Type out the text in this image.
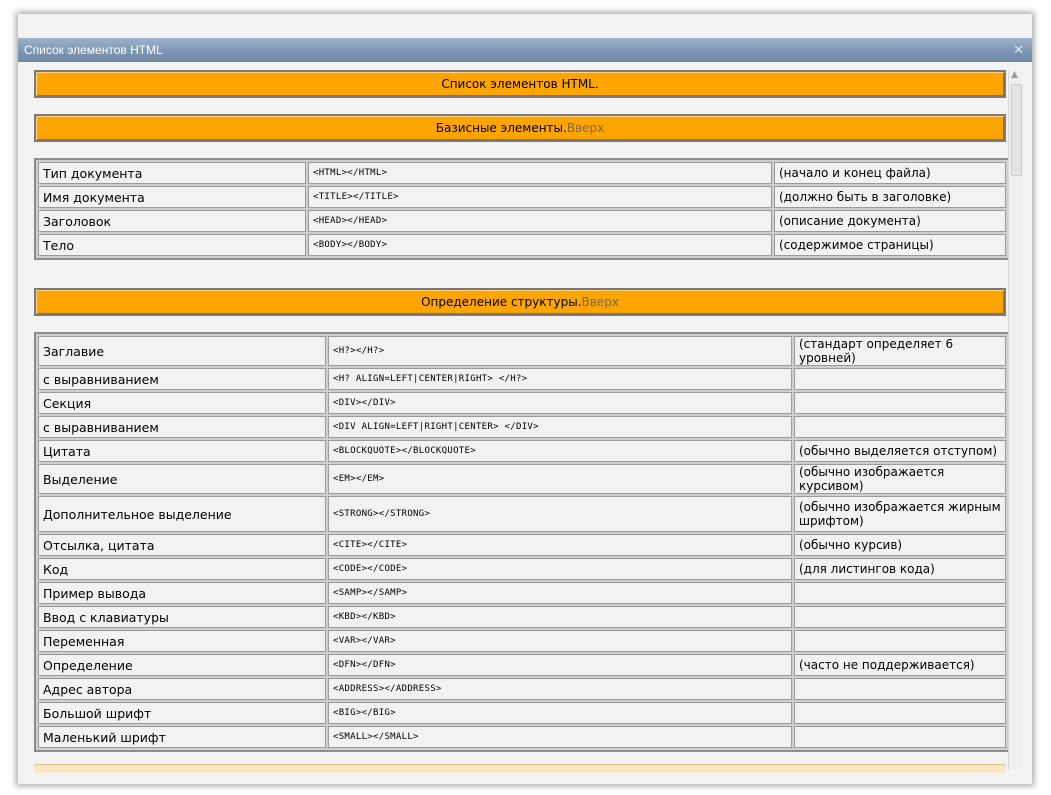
Список элементов HTML	✕
Список элементов HTML.
Базисные элементы.Вверх
Тип документа	<HTML></HTML>	(начало и конец файла)
Имя документа	<TITLE></TITLE>	(должно быть в заголовке)
Заголовок	<HEAD></HEAD>	(описание документа)
Тело	<BODY></BODY>	(содержимое страницы)
Определение структуры.Вверх
Заглавие	<H?></H?>	(стандарт определяет 6 уровней)
с выравниванием	<H? ALIGN=LEFT|CENTER|RIGHT> </H?>	
Секция	<DIV></DIV>	
с выравниванием	<DIV ALIGN=LEFT|RIGHT|CENTER> </DIV>	
Цитата	<BLOCKQUOTE></BLOCKQUOTE>	(обычно выделяется отступом)
Выделение	<EM></EM>	(обычно изображается курсивом)
Дополнительное выделение	<STRONG></STRONG>	(обычно изображается жирным шрифтом)
Отсылка, цитата	<CITE></CITE>	(обычно курсив)
Код	<CODE></CODE>	(для листингов кода)
Пример вывода	<SAMP></SAMP>	
Ввод с клавиатуры	<KBD></KBD>	
Переменная	<VAR></VAR>	
Определение	<DFN></DFN>	(часто не поддерживается)
Адрес автора	<ADDRESS></ADDRESS>	
Большой шрифт	<BIG></BIG>	
Маленький шрифт	<SMALL></SMALL>	
▲
